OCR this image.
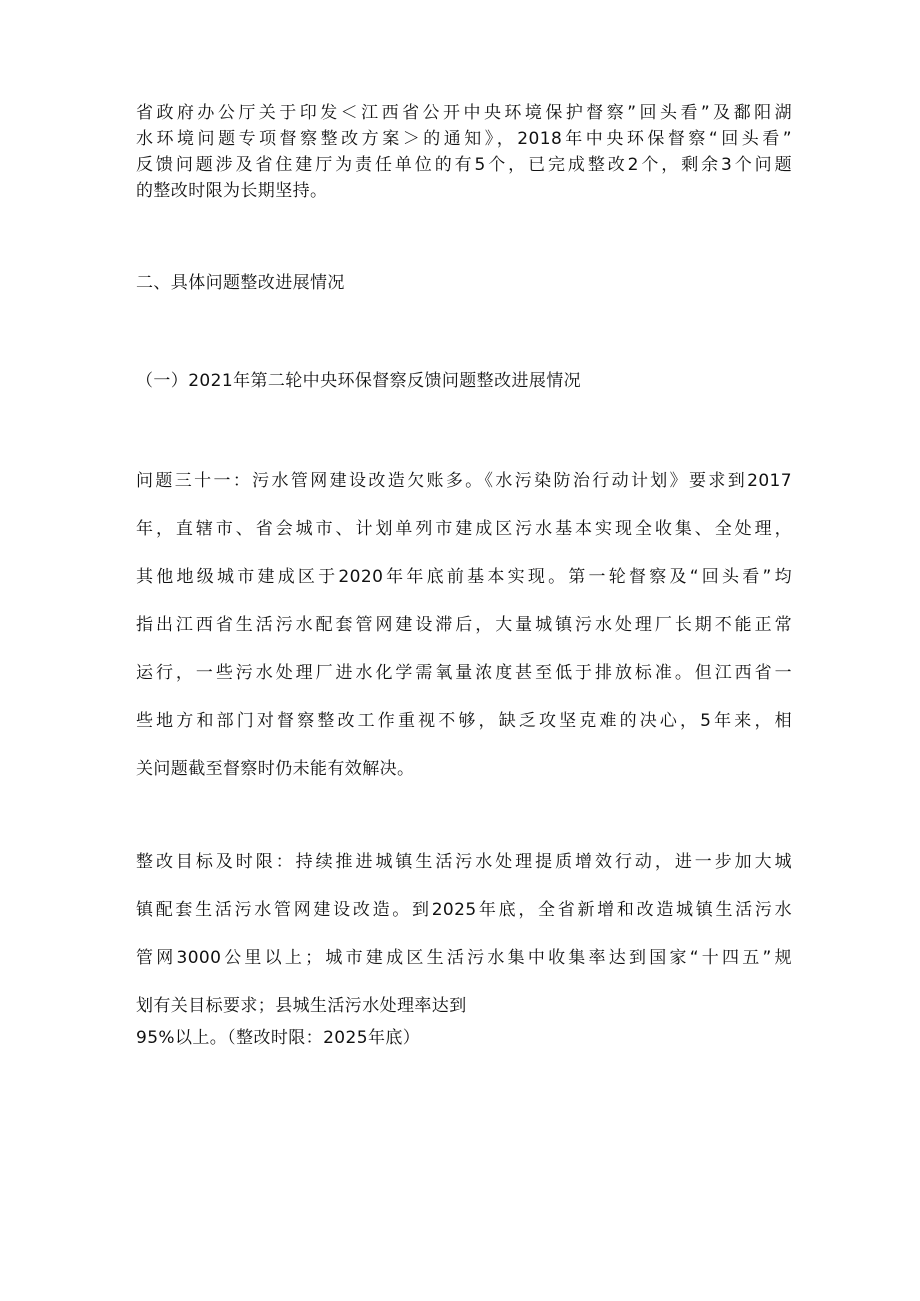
省政府办公厅关于印发＜江西省公开中央环境保护督察”回头看”及鄱阳湖
水环境问题专项督察整改方案＞的通知》，2018年中央环保督察“回头看”
反馈问题涉及省住建厅为责任单位的有5个，已完成整改2个，剩余3个问题
的整改时限为长期坚持。
二、具体问题整改进展情况
（一）2021年第二轮中央环保督察反馈问题整改进展情况
问题三十一：污水管网建设改造欠账多。《水污染防治行动计划》要求到2017
年，直辖市、省会城市、计划单列市建成区污水基本实现全收集、全处理，
其他地级城市建成区于2020年年底前基本实现。第一轮督察及“回头看”均
指出江西省生活污水配套管网建设滞后，大量城镇污水处理厂长期不能正常
运行，一些污水处理厂进水化学需氧量浓度甚至低于排放标准。但江西省一
些地方和部门对督察整改工作重视不够，缺乏攻坚克难的决心，5年来，相
关问题截至督察时仍未能有效解决。
整改目标及时限：持续推进城镇生活污水处理提质增效行动，进一步加大城
镇配套生活污水管网建设改造。到2025年底，全省新增和改造城镇生活污水
管网3000公里以上；城市建成区生活污水集中收集率达到国家“十四五”规
划有关目标要求；县城生活污水处理率达到
95%以上。（整改时限：2025年底）
